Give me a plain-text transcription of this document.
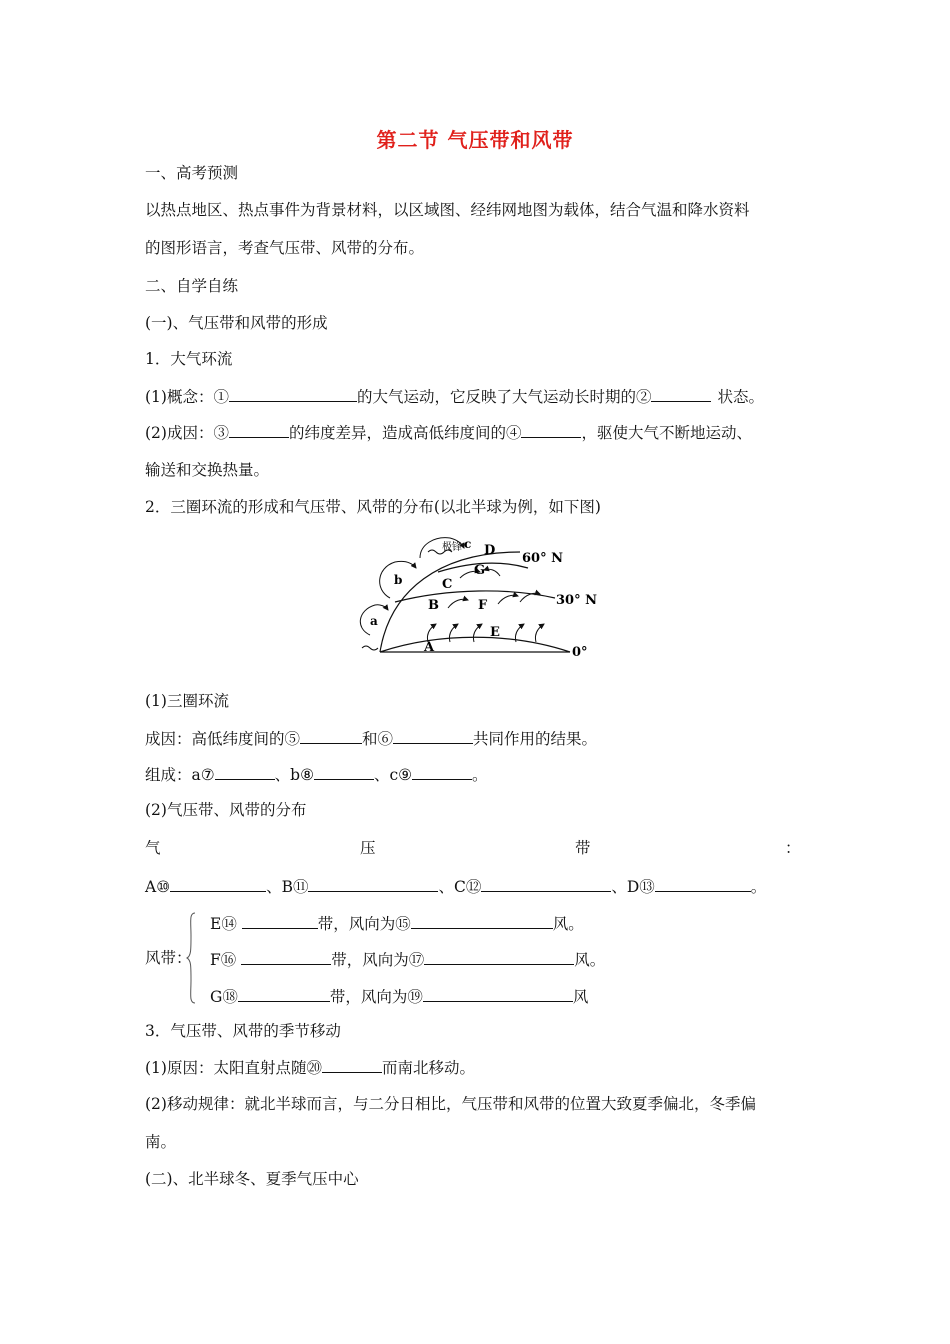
第二节 气压带和风带
一、高考预测
以热点地区、热点事件为背景材料，以区域图、经纬网地图为载体，结合气温和降水资料
的图形语言，考查气压带、风带的分布。
二、自学自练
(一)、气压带和风带的形成
1．大气环流
(1)概念：①	的大气运动，它反映了大气运动长时期的②	状态。
(2)成因：③	的纬度差异，造成高低纬度间的④	，驱使大气不断地运动、
输送和交换热量。
2．三圈环流的形成和气压带、风带的分布(以北半球为例，如下图)
D
G
C
B	F
E
A
a
b
c
极锋
60° N
30° N
0°
(1)三圈环流
成因：高低纬度间的⑤	和⑥	共同作用的结果。
组成：a⑦	、b⑧	、c⑨	。
(2)气压带、风带的分布
气	压	带	：
A⑩	、B⑪	、C⑫	、D⑬	。
风带：
E⑭	带，风向为⑮	风。
F⑯	带，风向为⑰	风。
G⑱	带，风向为⑲	风
3．气压带、风带的季节移动
(1)原因：太阳直射点随⑳	而南北移动。
(2)移动规律：就北半球而言，与二分日相比，气压带和风带的位置大致夏季偏北，冬季偏
南。
(二)、北半球冬、夏季气压中心
